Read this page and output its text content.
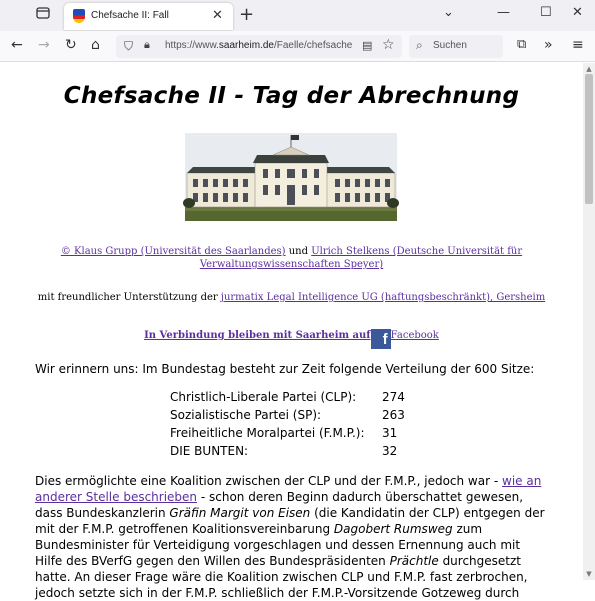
Chefsache II: Fall	✕ +	⌄	— ☐ ✕
← → ↻ ⌂ ⛉ 🔒︎ https://www.saarheim.de/Faelle/chefsache ▤ ☆ ⌕ Suchen	⧉ » ≡
Chefsache II - Tag der Abrechnung
© Klaus Grupp (Universität des Saarlandes) und Ulrich Stelkens (Deutsche Universität für Verwaltungswissenschaften Speyer)
mit freundlicher Unterstützung der jurmatix Legal Intelligence UG (haftungsbeschränkt), Gersheim
In Verbindung bleiben mit Saarheim auf f Facebook
Wir erinnern uns: Im Bundestag besteht zur Zeit folgende Verteilung der 600 Sitze:
Christlich-Liberale Partei (CLP): 274
Sozialistische Partei (SP):	263
Freiheitliche Moralpartei (F.M.P.): 31
DIE BUNTEN:	32
Dies ermöglichte eine Koalition zwischen der CLP und der F.M.P., jedoch war - wie an anderer Stelle beschrieben - schon deren Beginn dadurch überschattet gewesen, dass Bundeskanzlerin Gräfin Margit von Eisen (die Kandidatin der CLP) entgegen der mit der F.M.P. getroffenen Koalitionsvereinbarung Dagobert Rumsweg zum Bundesminister für Verteidigung vorgeschlagen und dessen Ernennung auch mit Hilfe des BVerfG gegen den Willen des Bundespräsidenten Prächtle durchgesetzt hatte. An dieser Frage wäre die Koalition zwischen CLP und F.M.P. fast zerbrochen, jedoch setzte sich in der F.M.P. schließlich der F.M.P.-Vorsitzende Gotzeweg durch
▲
▼
